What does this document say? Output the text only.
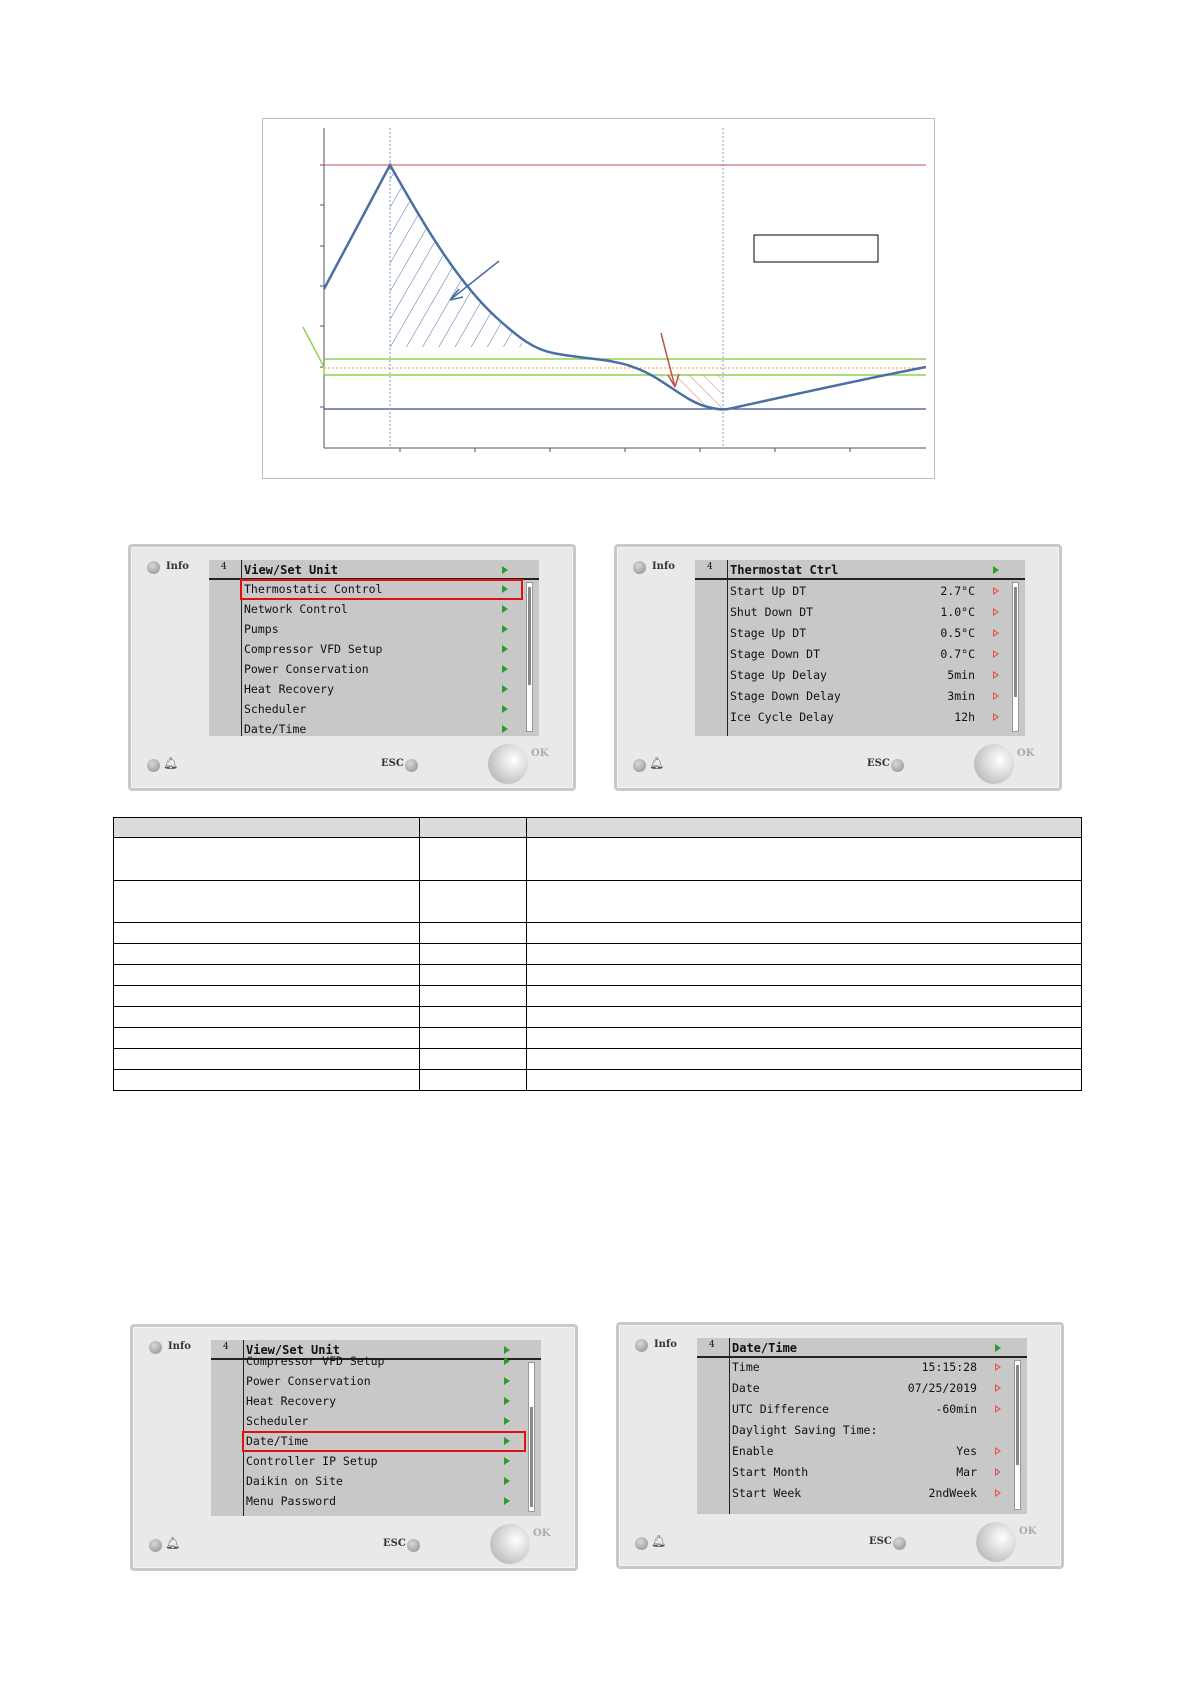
Info
🔔︎	ESC
OK
4 View/Set Unit
Thermostatic Control
Network Control
Pumps
Compressor VFD Setup
Power Conservation
Heat Recovery
Scheduler
Date/Time
Info
🔔︎	ESC
OK
4 Thermostat Ctrl
Start Up DT	2.7°C
Shut Down DT	1.0°C
Stage Up DT	0.5°C
Stage Down DT	0.7°C
Stage Up Delay	5min
Stage Down Delay	3min
Ice Cycle Delay	12h

Info
🔔︎	ESC
OK
4 View/Set Unit
Compressor VFD Setup
Power Conservation
Heat Recovery
Scheduler
Date/Time
Controller IP Setup
Daikin on Site
Menu Password
Info
🔔︎	ESC
OK
4 Date/Time
Time	15:15:28
Date	07/25/2019
UTC Difference	-60min
Daylight Saving Time:
Enable	Yes
Start Month	Mar
Start Week	2ndWeek
